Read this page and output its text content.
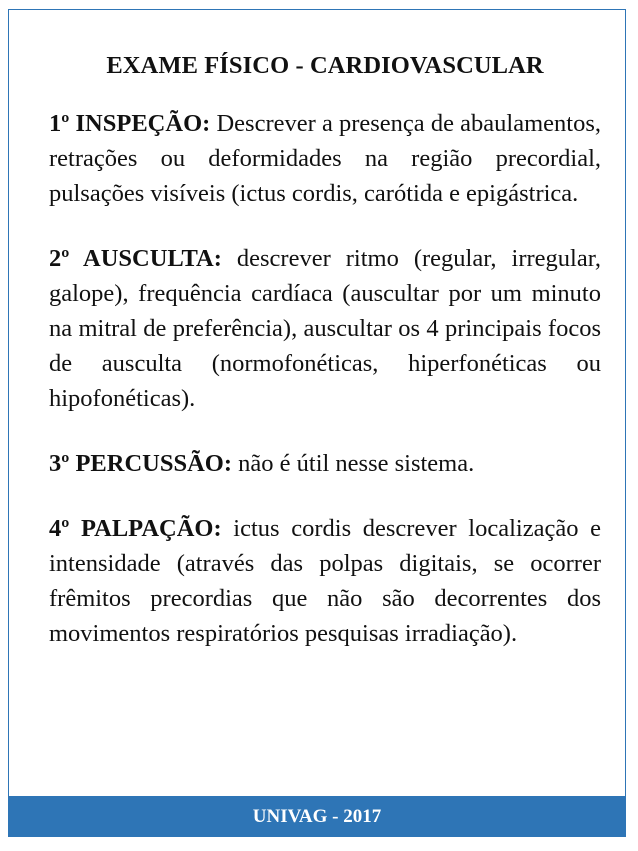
EXAME FÍSICO - CARDIOVASCULAR

1º INSPEÇÃO: Descrever a presença de abaulamentos, retrações ou deformidades na região precordial, pulsações visíveis (ictus cordis, carótida e epigástrica.

2º AUSCULTA: descrever ritmo (regular, irregular, galope), frequência cardíaca (auscultar por um minuto na mitral de preferência), auscultar os 4 principais focos de ausculta (normofonéticas, hiperfonéticas ou hipofonéticas).

3º PERCUSSÃO: não é útil nesse sistema.

4º PALPAÇÃO: ictus cordis descrever localização e intensidade (através das polpas digitais, se ocorrer frêmitos precordias que não são decorrentes dos movimentos respiratórios pesquisas irradiação).

UNIVAG - 2017
